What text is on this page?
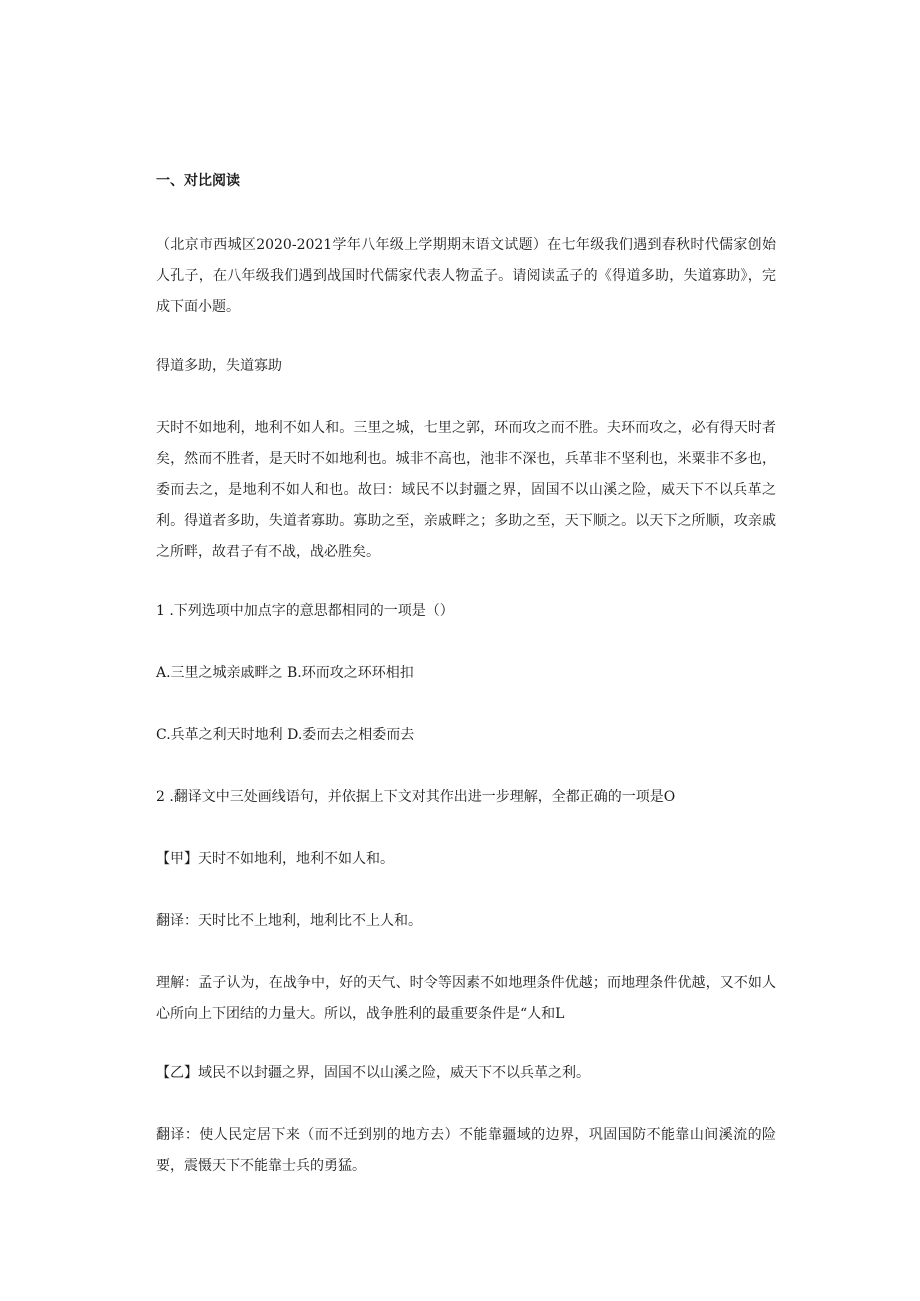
一、对比阅读
（北京市西城区2020-2021学年八年级上学期期末语文试题）在七年级我们遇到春秋时代儒家创始人孔子，在八年级我们遇到战国时代儒家代表人物孟子。请阅读孟子的《得道多助，失道寡助》，完成下面小题。
得道多助，失道寡助
天时不如地利，地利不如人和。三里之城，七里之郭，环而攻之而不胜。夫环而攻之，必有得天时者矣，然而不胜者，是天时不如地利也。城非不高也，池非不深也，兵革非不坚利也，米粟非不多也，委而去之，是地利不如人和也。故曰：域民不以封疆之界，固国不以山溪之险，威天下不以兵革之利。得道者多助，失道者寡助。寡助之至，亲戚畔之；多助之至，天下顺之。以天下之所顺，攻亲戚之所畔，故君子有不战，战必胜矣。
1 .下列选项中加点字的意思都相同的一项是（）
A.三里之城亲戚畔之 B.环而攻之环环相扣
C.兵革之利天时地利 D.委而去之相委而去
2 .翻译文中三处画线语句，并依据上下文对其作出进一步理解，全都正确的一项是O
【甲】天时不如地利，地利不如人和。
翻译：天时比不上地利，地利比不上人和。
理解：孟子认为，在战争中，好的天气、时令等因素不如地理条件优越；而地理条件优越，又不如人心所向上下团结的力量大。所以，战争胜利的最重要条件是“人和L
【乙】域民不以封疆之界，固国不以山溪之险，威天下不以兵革之利。
翻译：使人民定居下来（而不迁到别的地方去）不能靠疆域的边界，巩固国防不能靠山间溪流的险要，震慑天下不能靠士兵的勇猛。
